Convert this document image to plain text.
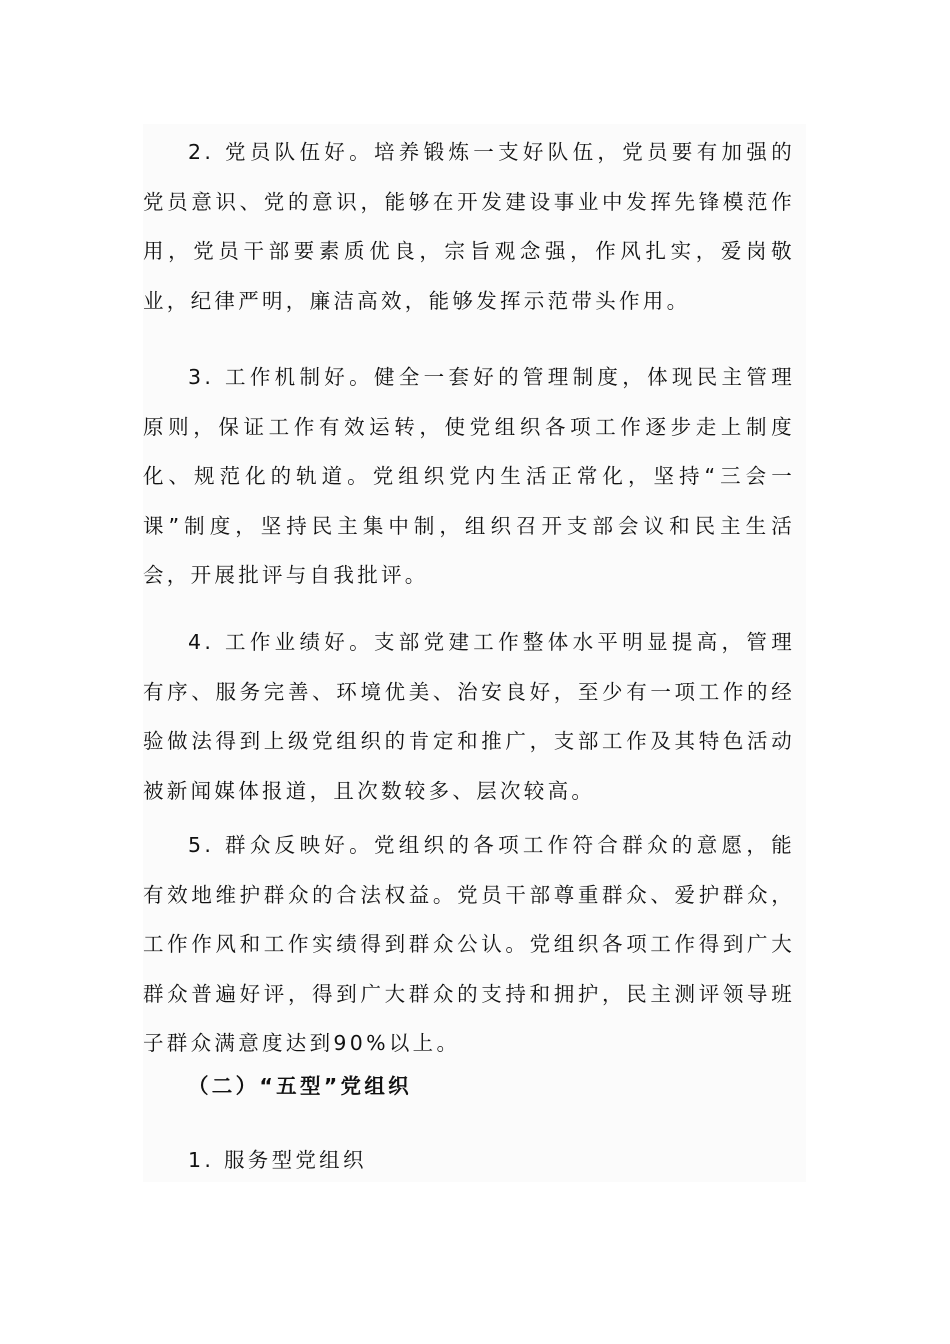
2. 党员队伍好。培养锻炼一支好队伍，党员要有加强的党员意识、党的意识，能够在开发建设事业中发挥先锋模范作用，党员干部要素质优良，宗旨观念强，作风扎实，爱岗敬业，纪律严明，廉洁高效，能够发挥示范带头作用。

3. 工作机制好。健全一套好的管理制度，体现民主管理原则，保证工作有效运转，使党组织各项工作逐步走上制度化、规范化的轨道。党组织党内生活正常化，坚持“三会一课”制度，坚持民主集中制，组织召开支部会议和民主生活会，开展批评与自我批评。

4. 工作业绩好。支部党建工作整体水平明显提高，管理有序、服务完善、环境优美、治安良好，至少有一项工作的经验做法得到上级党组织的肯定和推广，支部工作及其特色活动被新闻媒体报道，且次数较多、层次较高。

5. 群众反映好。党组织的各项工作符合群众的意愿，能有效地维护群众的合法权益。党员干部尊重群众、爱护群众，工作作风和工作实绩得到群众公认。党组织各项工作得到广大群众普遍好评，得到广大群众的支持和拥护，民主测评领导班子群众满意度达到90%以上。

（二）“五型”党组织

1. 服务型党组织
